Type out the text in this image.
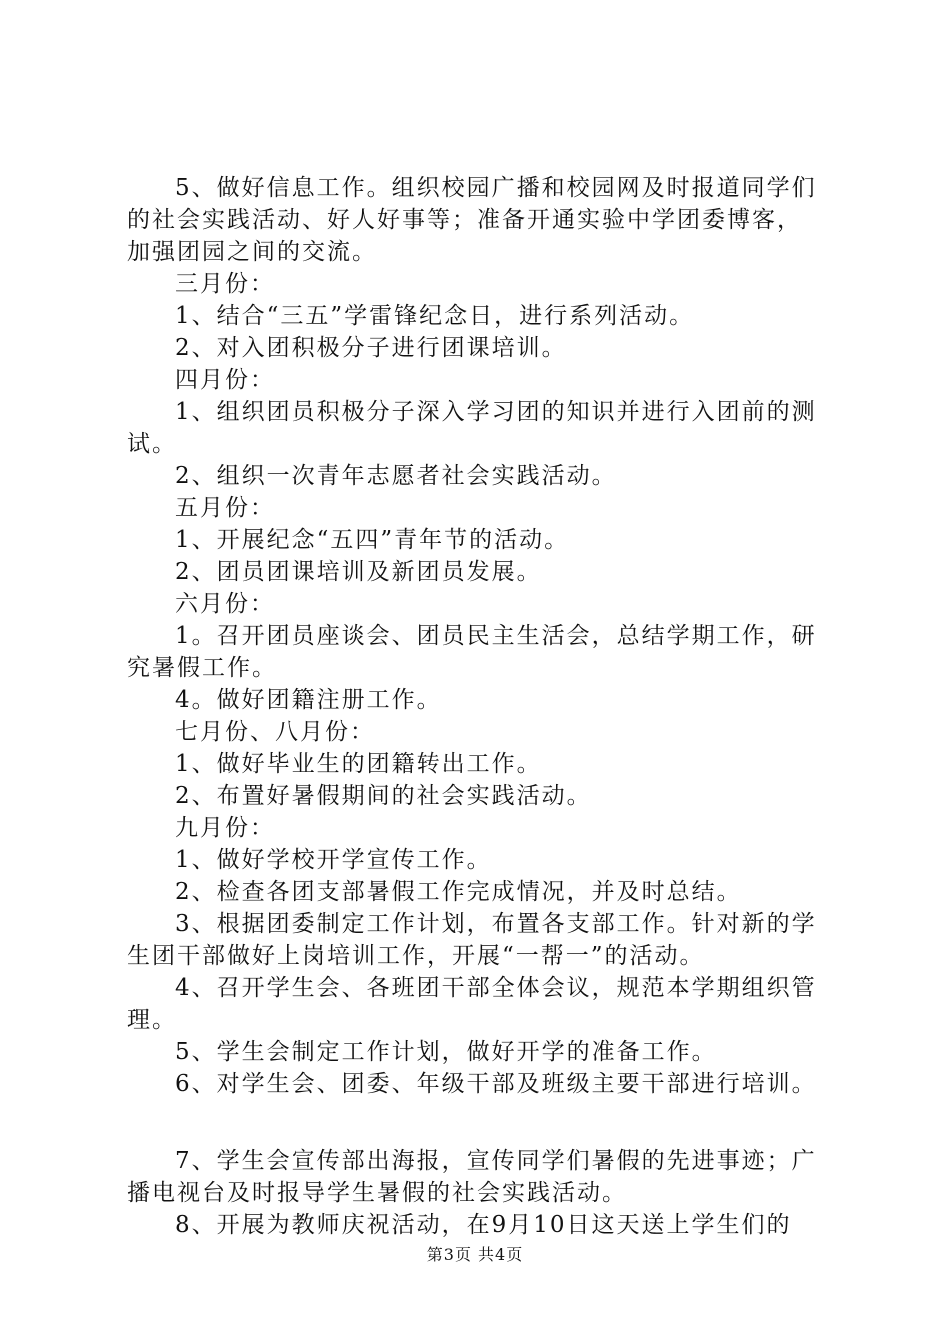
5、做好信息工作。组织校园广播和校园网及时报道同学们
的社会实践活动、好人好事等；准备开通实验中学团委博客，
加强团园之间的交流。
三月份：
1、结合“三五”学雷锋纪念日，进行系列活动。
2、对入团积极分子进行团课培训。
四月份：
1、组织团员积极分子深入学习团的知识并进行入团前的测
试。
2、组织一次青年志愿者社会实践活动。
五月份：
1、开展纪念“五四”青年节的活动。
2、团员团课培训及新团员发展。
六月份：
1。召开团员座谈会、团员民主生活会，总结学期工作，研
究暑假工作。
4。做好团籍注册工作。
七月份、八月份：
1、做好毕业生的团籍转出工作。
2、布置好暑假期间的社会实践活动。
九月份：
1、做好学校开学宣传工作。
2、检查各团支部暑假工作完成情况，并及时总结。
3、根据团委制定工作计划，布置各支部工作。针对新的学
生团干部做好上岗培训工作，开展“一帮一”的活动。
4、召开学生会、各班团干部全体会议，规范本学期组织管
理。
5、学生会制定工作计划，做好开学的准备工作。
6、对学生会、团委、年级干部及班级主要干部进行培训。
7、学生会宣传部出海报，宣传同学们暑假的先进事迹；广
播电视台及时报导学生暑假的社会实践活动。
8、开展为教师庆祝活动，在9月10日这天送上学生们的
第3页 共4页
